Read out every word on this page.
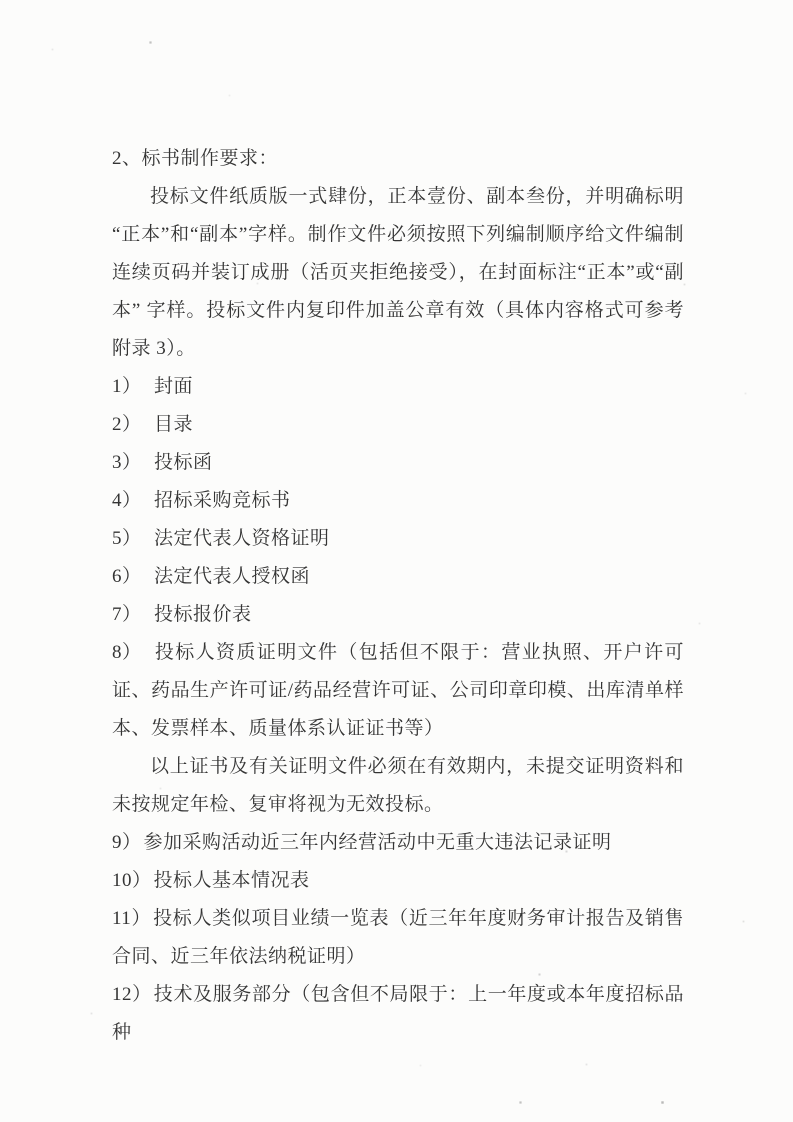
2、标书制作要求：
投标文件纸质版一式肆份，正本壹份、副本叁份，并明确标明“正本”和“副本”字样。制作文件必须按照下列编制顺序给文件编制连续页码并装订成册（活页夹拒绝接受），在封面标注“正本”或“副本” 字样。投标文件内复印件加盖公章有效（具体内容格式可参考附录 3）。
1） 封面
2） 目录
3） 投标函
4） 招标采购竞标书
5） 法定代表人资格证明
6） 法定代表人授权函
7） 投标报价表
8） 投标人资质证明文件（包括但不限于：营业执照、开户许可证、药品生产许可证/药品经营许可证、公司印章印模、出库清单样本、发票样本、质量体系认证证书等）
以上证书及有关证明文件必须在有效期内，未提交证明资料和未按规定年检、复审将视为无效投标。
9） 参加采购活动近三年内经营活动中无重大违法记录证明
10） 投标人基本情况表
11） 投标人类似项目业绩一览表（近三年年度财务审计报告及销售合同、近三年依法纳税证明）
12） 技术及服务部分（包含但不局限于：上一年度或本年度招标品种
